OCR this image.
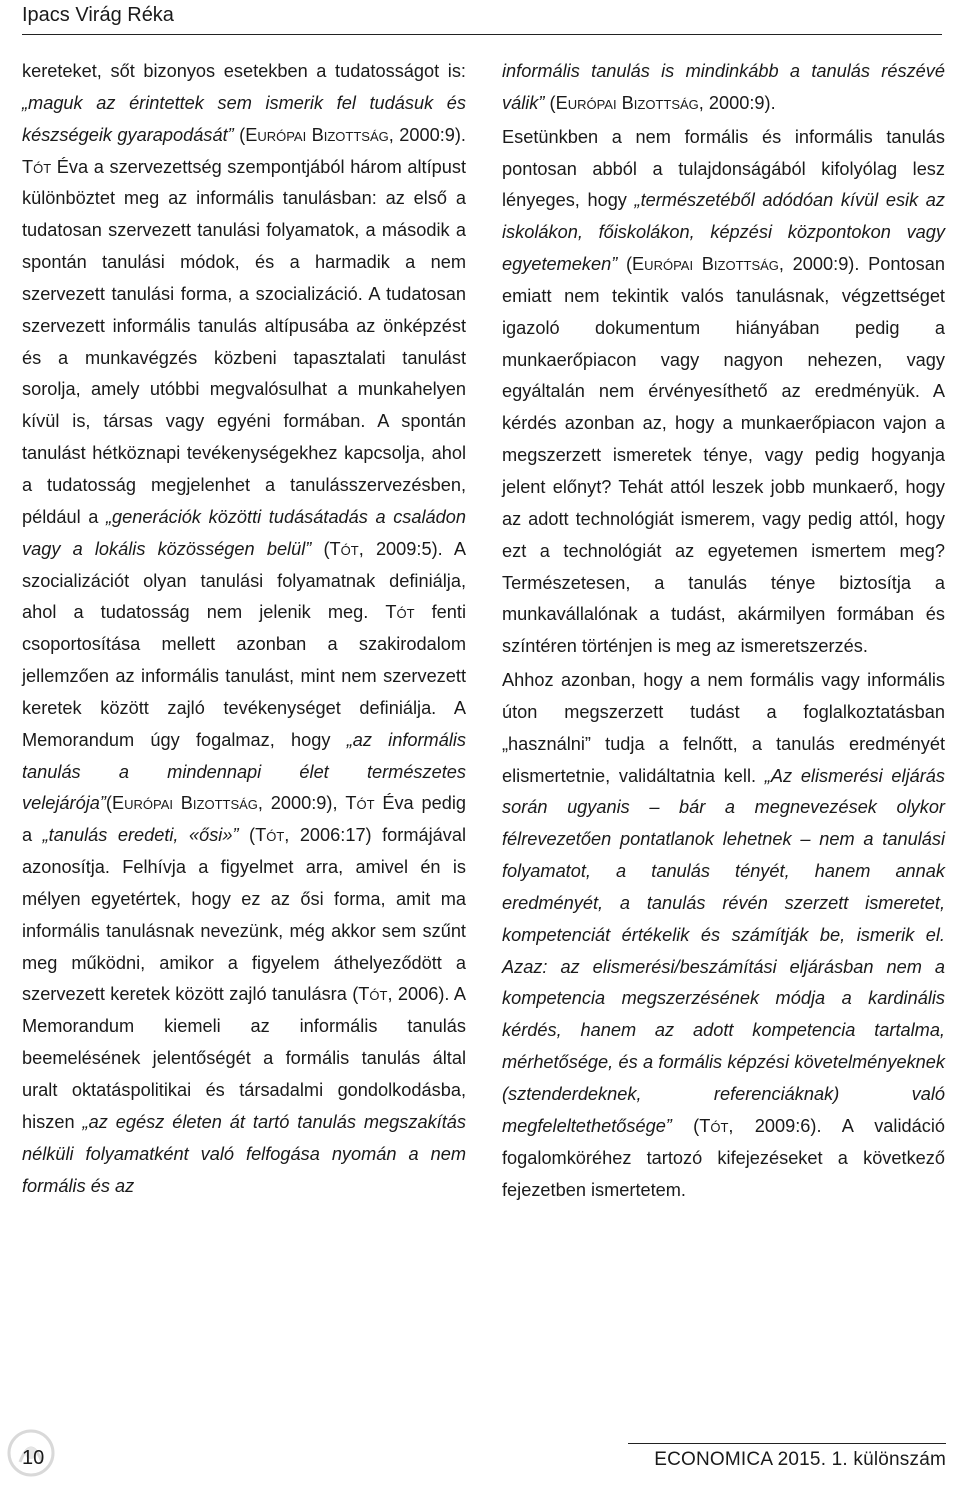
Ipacs Virág Réka

kereteket, sőt bizonyos esetekben a tudatosságot is: „maguk az érintettek sem ismerik fel tudásuk és készségeik gyarapodását” (Európai Bizottság, 2000:9). Tót Éva a szervezettség szempontjából három altípust különböztet meg az informális tanulásban: az első a tudatosan szervezett tanulási folyamatok, a második a spontán tanulási módok, és a harmadik a nem szervezett tanulási forma, a szocializáció. A tudatosan szervezett informális tanulás altípusába az önképzést és a munkavégzés közbeni tapasztalati tanulást sorolja, amely utóbbi megvalósulhat a munkahelyen kívül is, társas vagy egyéni formában. A spontán tanulást hétköznapi tevékenységekhez kapcsolja, ahol a tudatosság megjelenhet a tanulásszervezésben, például a „generációk közötti tudásátadás a családon vagy a lokális közösségen belül” (Tót, 2009:5). A szocializációt olyan tanulási folyamatnak definiálja, ahol a tudatosság nem jelenik meg. Tót fenti csoportosítása mellett azonban a szakirodalom jellemzően az informális tanulást, mint nem szervezett keretek között zajló tevékenységet definiálja. A Memorandum úgy fogalmaz, hogy „az informális tanulás a mindennapi élet természetes velejárója”(Európai Bizottság, 2000:9), Tót Éva pedig a „tanulás eredeti, «ősi»” (Tót, 2006:17) formájával azonosítja. Felhívja a figyelmet arra, amivel én is mélyen egyetértek, hogy ez az ősi forma, amit ma informális tanulásnak nevezünk, még akkor sem szűnt meg működni, amikor a figyelem áthelyeződött a szervezett keretek között zajló tanulásra (Tót, 2006). A Memorandum kiemeli az informális tanulás beemelésének jelentőségét a formális tanulás által uralt oktatáspolitikai és társadalmi gondolkodásba, hiszen „az egész életen át tartó tanulás megszakítás nélküli folyamatként való felfogása nyomán a nem formális és az

informális tanulás is mindinkább a tanulás részévé válik” (Európai Bizottság, 2000:9).

Esetünkben a nem formális és informális tanulás pontosan abból a tulajdonságából kifolyólag lesz lényeges, hogy „természetéből adódóan kívül esik az iskolákon, főiskolákon, képzési központokon vagy egyetemeken” (Európai Bizottság, 2000:9). Pontosan emiatt nem tekintik valós tanulásnak, végzettséget igazoló dokumentum hiányában pedig a munkaerőpiacon vagy nagyon nehezen, vagy egyáltalán nem érvényesíthető az eredményük. A kérdés azonban az, hogy a munkaerőpiacon vajon a megszerzett ismeretek ténye, vagy pedig hogyanja jelent előnyt? Tehát attól leszek jobb munkaerő, hogy az adott technológiát ismerem, vagy pedig attól, hogy ezt a technológiát az egyetemen ismertem meg? Természetesen, a tanulás ténye biztosítja a munkavállalónak a tudást, akármilyen formában és színtéren történjen is meg az ismeretszerzés.

Ahhoz azonban, hogy a nem formális vagy informális úton megszerzett tudást a foglalkoztatásban „használni” tudja a felnőtt, a tanulás eredményét elismertetnie, validáltatnia kell. „Az elismerési eljárás során ugyanis – bár a megnevezések olykor félrevezetően pontatlanok lehetnek – nem a tanulási folyamatot, a tanulás tényét, hanem annak eredményét, a tanulás révén szerzett ismeretet, kompetenciát értékelik és számítják be, ismerik el. Azaz: az elismerési/beszámítási eljárásban nem a kompetencia megszerzésének módja a kardinális kérdés, hanem az adott kompetencia tartalma, mérhetősége, és a formális képzési követelményeknek (sztenderdeknek, referenciáknak) való megfeleltethetősége” (Tót, 2009:6). A validáció fogalomköréhez tartozó kifejezéseket a következő fejezetben ismertetem.

10	ECONOMICA 2015. 1. különszám
